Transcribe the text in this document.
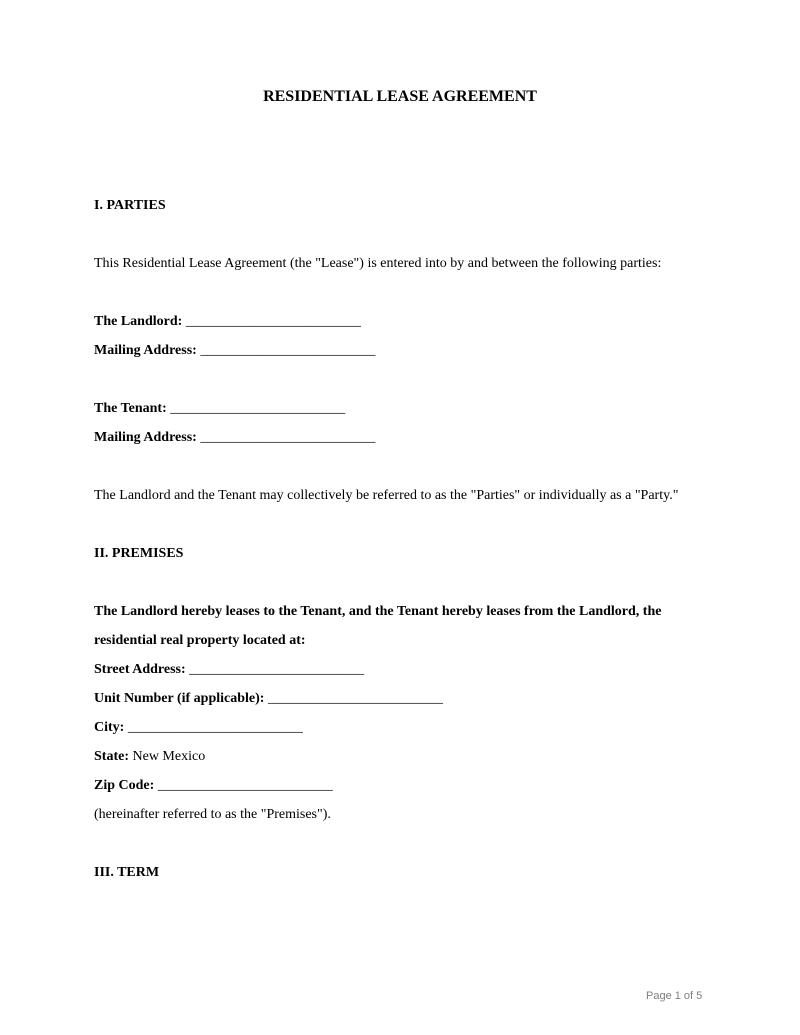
RESIDENTIAL LEASE AGREEMENT
I. PARTIES
This Residential Lease Agreement (the "Lease") is entered into by and between the following parties:
The Landlord: _________________________
Mailing Address: _________________________
The Tenant: _________________________
Mailing Address: _________________________
The Landlord and the Tenant may collectively be referred to as the "Parties" or individually as a "Party."
II. PREMISES
The Landlord hereby leases to the Tenant, and the Tenant hereby leases from the Landlord, the
residential real property located at:
Street Address: _________________________
Unit Number (if applicable): _________________________
City: _________________________
State: New Mexico
Zip Code: _________________________
(hereinafter referred to as the "Premises").
III. TERM
Page 1 of 5
